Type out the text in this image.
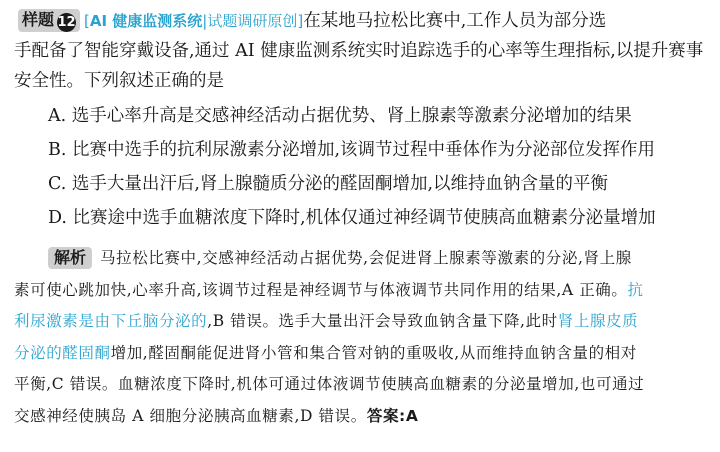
样题 12 [AI 健康监测系统|试题调研原创]在某地马拉松比赛中,工作人员为部分选
手配备了智能穿戴设备,通过 AI 健康监测系统实时追踪选手的心率等生理指标,以提升赛事
安全性。下列叙述正确的是
A. 选手心率升高是交感神经活动占据优势、肾上腺素等激素分泌增加的结果
B. 比赛中选手的抗利尿激素分泌增加,该调节过程中垂体作为分泌部位发挥作用
C. 选手大量出汗后,肾上腺髓质分泌的醛固酮增加,以维持血钠含量的平衡
D. 比赛途中选手血糖浓度下降时,机体仅通过神经调节使胰高血糖素分泌量增加
解析 马拉松比赛中,交感神经活动占据优势,会促进肾上腺素等激素的分泌,肾上腺
素可使心跳加快,心率升高,该调节过程是神经调节与体液调节共同作用的结果,A 正确。抗
利尿激素是由下丘脑分泌的,B 错误。选手大量出汗会导致血钠含量下降,此时肾上腺皮质
分泌的醛固酮增加,醛固酮能促进肾小管和集合管对钠的重吸收,从而维持血钠含量的相对
平衡,C 错误。血糖浓度下降时,机体可通过体液调节使胰高血糖素的分泌量增加,也可通过
交感神经使胰岛 A 细胞分泌胰高血糖素,D 错误。答案:A
